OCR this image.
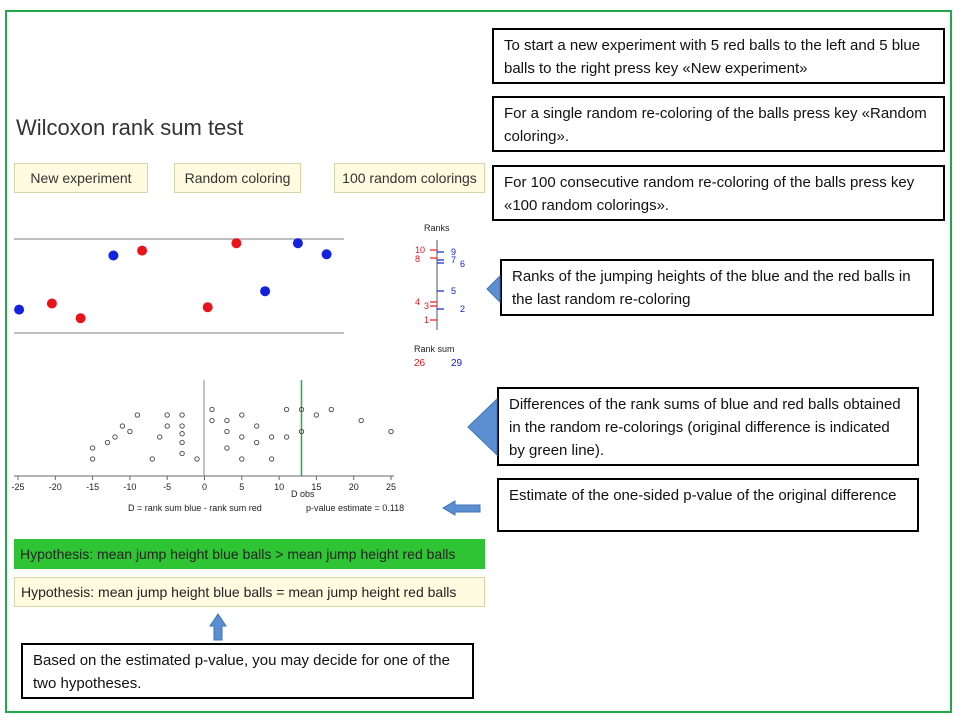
Wilcoxon rank sum test
New experiment	Random coloring	100 random colorings
Ranks
10
8
4 3
1
9
7 6
5
2
Rank sum
26	29
-25	-20	-15	-10	-5	0	5	10	15	20	25
D obs
D = rank sum blue - rank sum red	p-value estimate = 0.118
Hypothesis: mean jump height blue balls > mean jump height red balls
Hypothesis: mean jump height blue balls = mean jump height red balls
To start a new experiment with 5 red balls to the left and 5 blue balls to the right press key «New experiment»
For a single random re-coloring of the balls press key «Random coloring».
For 100 consecutive random re-coloring of the balls press key «100 random colorings».
Ranks of the jumping heights of the blue and the red balls in the last random re-coloring
Differences of the rank sums of blue and red balls obtained in the random re-colorings (original difference is indicated by green line).
Estimate of the one-sided p-value of the original difference
Based on the estimated p-value, you may decide for one of the two hypotheses.
